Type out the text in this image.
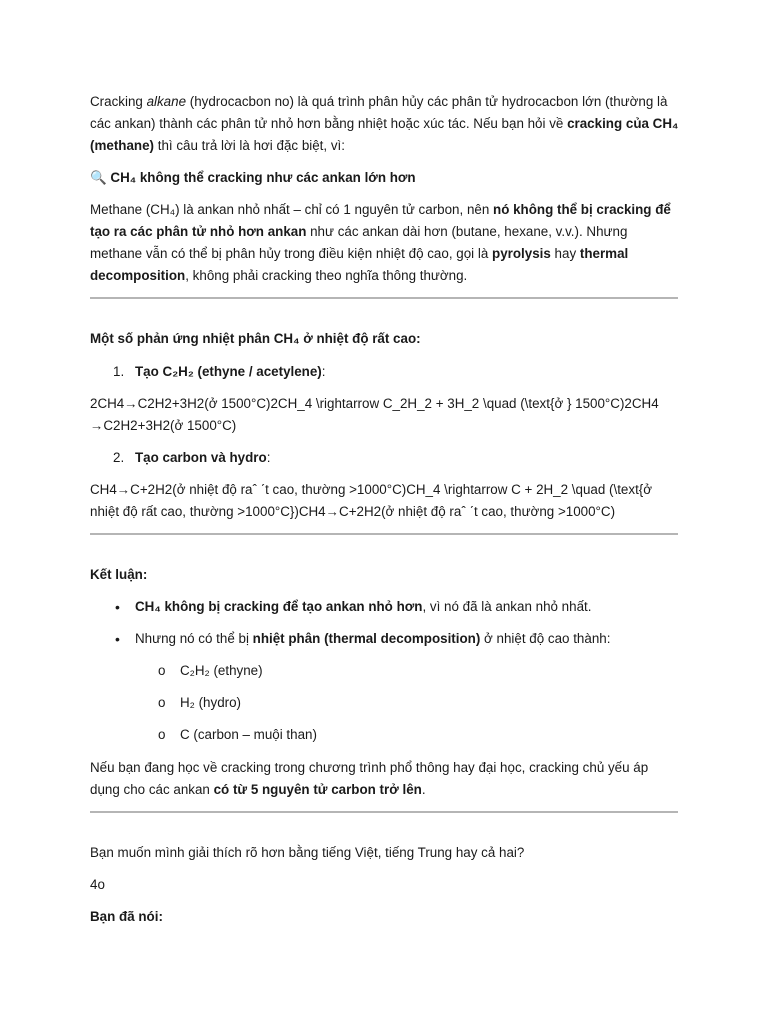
Cracking alkane (hydrocacbon no) là quá trình phân hủy các phân tử hydrocacbon lớn (thường là các ankan) thành các phân tử nhỏ hơn bằng nhiệt hoặc xúc tác. Nếu bạn hỏi về cracking của CH₄ (methane) thì câu trả lời là hơi đặc biệt, vì:

🔍 CH₄ không thể cracking như các ankan lớn hơn

Methane (CH₄) là ankan nhỏ nhất – chỉ có 1 nguyên tử carbon, nên nó không thể bị cracking để tạo ra các phân tử nhỏ hơn ankan như các ankan dài hơn (butane, hexane, v.v.). Nhưng methane vẫn có thể bị phân hủy trong điều kiện nhiệt độ cao, gọi là pyrolysis hay thermal decomposition, không phải cracking theo nghĩa thông thường.

Một số phản ứng nhiệt phân CH₄ ở nhiệt độ rất cao:

1. Tạo C₂H₂ (ethyne / acetylene):

2CH4→C2H2+3H2(ở 1500°C)2CH_4 \rightarrow C_2H_2 + 3H_2 \quad (\text{ở } 1500°C)2CH4 →C2H2+3H2(ở 1500°C)

2. Tạo carbon và hydro:

CH4→C+2H2(ở nhiệt độ raˆ ˊt cao, thường >1000°C)CH_4 \rightarrow C + 2H_2 \quad (\text{ở nhiệt độ rất cao, thường >1000°C})CH4→C+2H2(ở nhiệt độ raˆ ˊt cao, thường >1000°C)

Kết luận:

• CH₄ không bị cracking để tạo ankan nhỏ hơn, vì nó đã là ankan nhỏ nhất.
• Nhưng nó có thể bị nhiệt phân (thermal decomposition) ở nhiệt độ cao thành:
o C₂H₂ (ethyne)
o H₂ (hydro)
o C (carbon – muội than)

Nếu bạn đang học về cracking trong chương trình phổ thông hay đại học, cracking chủ yếu áp dụng cho các ankan có từ 5 nguyên tử carbon trở lên.

Bạn muốn mình giải thích rõ hơn bằng tiếng Việt, tiếng Trung hay cả hai?

4o

Bạn đã nói:
